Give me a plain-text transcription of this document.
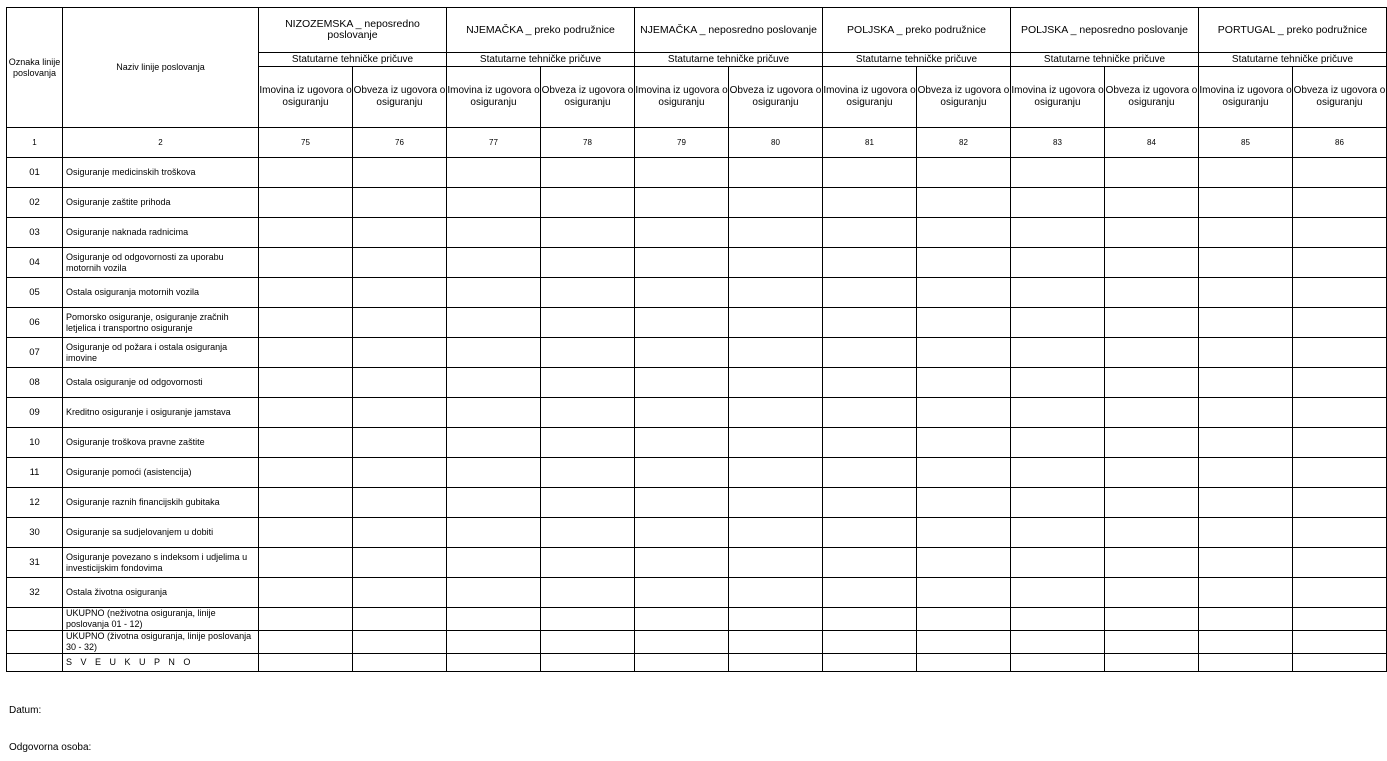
Oznaka linije poslovanja	Naziv linije poslovanja	NIZOZEMSKA _ neposredno poslovanje		NJEMAČKA _ preko podružnice		NJEMAČKA _ neposredno poslovanje		POLJSKA _ preko podružnice		POLJSKA _ neposredno poslovanje		PORTUGAL _ preko podružnice	
		Statutarne tehničke pričuve		Statutarne tehničke pričuve		Statutarne tehničke pričuve		Statutarne tehničke pričuve		Statutarne tehničke pričuve		Statutarne tehničke pričuve	
		Imovina iz ugovora o osiguranju	Obveza iz ugovora o osiguranju	Imovina iz ugovora o osiguranju	Obveza iz ugovora o osiguranju	Imovina iz ugovora o osiguranju	Obveza iz ugovora o osiguranju	Imovina iz ugovora o osiguranju	Obveza iz ugovora o osiguranju	Imovina iz ugovora o osiguranju	Obveza iz ugovora o osiguranju	Imovina iz ugovora o osiguranju	Obveza iz ugovora o osiguranju
1	2	75	76	77	78	79	80	81	82	83	84	85	86
01	Osiguranje medicinskih troškova												
02	Osiguranje zaštite prihoda												
03	Osiguranje naknada radnicima												
04	Osiguranje od odgovornosti za uporabu motornih vozila												
05	Ostala osiguranja motornih vozila												
06	Pomorsko osiguranje, osiguranje zračnih letjelica i transportno osiguranje												
07	Osiguranje od požara i ostala osiguranja imovine												
08	Ostala osiguranje od odgovornosti												
09	Kreditno osiguranje i osiguranje jamstava												
10	Osiguranje troškova pravne zaštite												
11	Osiguranje pomoći (asistencija)												
12	Osiguranje raznih financijskih gubitaka												
30	Osiguranje sa sudjelovanjem u dobiti												
31	Osiguranje povezano s indeksom i udjelima u investicijskim fondovima												
32	Ostala životna osiguranja												
	UKUPNO (neživotna osiguranja, linije poslovanja 01 - 12)												
	UKUPNO (životna osiguranja, linije poslovanja 30 - 32)												
	S V E U K U P N O												
Datum:
Odgovorna osoba:
